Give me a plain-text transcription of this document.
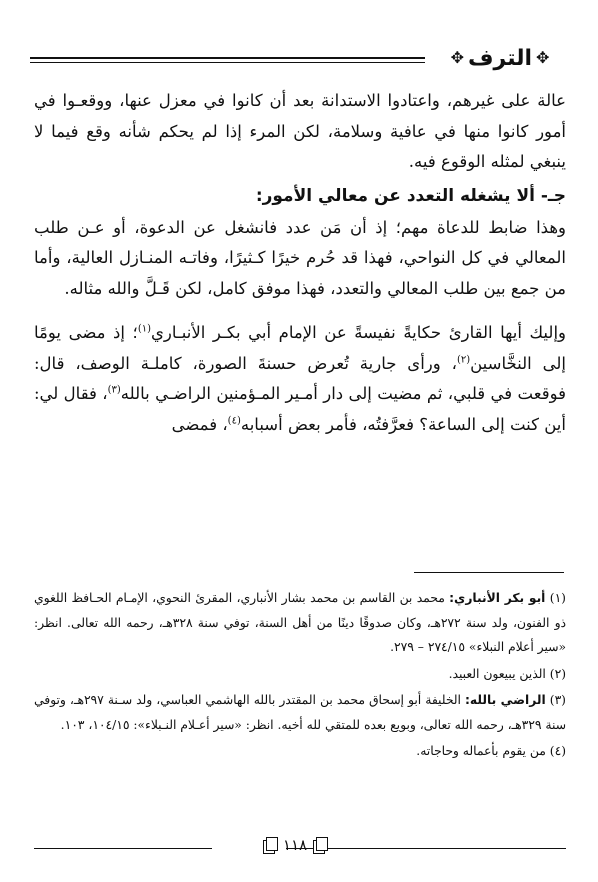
✥
الترف
✥

عالة على غيرهم، واعتادوا الاستدانة بعد أن كانوا في معزل عنها، ووقعـوا في أمور كانوا منها في عافية وسلامة، لكن المرء إذا لم يحكم شأنه وقع فيما لا ينبغي لمثله الوقوع فيه.

جـ- ألا يشغله التعدد عن معالي الأمور:

وهذا ضابط للدعاة مهم؛ إذ أن مَن عدد فانشغل عن الدعوة، أو عـن طلب المعالي في كل النواحي، فهذا قد حُرم خيرًا كـثيرًا، وفاتـه المنـازل العالية، وأما من جمع بين طلب المعالي والتعدد، فهذا موفق كامل، لكن قَـلَّ والله مثاله.

وإليك أيها القارئ حكايةً نفيسةً عن الإمام أبي بكـر الأنبـاري$^{(١)}$؛ إذ مضى يومًا إلى النخَّاسين$^{(٢)}$، ورأى جارية تُعرض حسنةَ الصورة، كاملـة الوصف، قال: فوقعت في قلبي، ثم مضيت إلى دار أمـير المـؤمنين الراضـي بالله$^{(٣)}$، فقال لي: أين كنت إلى الساعة؟ فعرَّفتُه، فأمر بعض أسبابه$^{(٤)}$، فمضى

(١) أبو بكر الأنباري: محمد بن القاسم بن محمد بشار الأنباري، المقرئ النحوي، الإمـام الحـافظ اللغوي ذو الفنون، ولد سنة ٢٧٢هـ، وكان صدوقًا دينًا من أهل السنة، توفي سنة ٣٢٨هـ، رحمه الله تعالى. انظر: «سير أعلام النبلاء» ٢٧٤/١٥ – ٢٧٩.

(٢) الذين يبيعون العبيد.

(٣) الراضي بالله: الخليفة أبو إسحاق محمد بن المقتدر بالله الهاشمي العباسي، ولد سـنة ٢٩٧هـ، وتوفي سنة ٣٢٩هـ، رحمه الله تعالى، وبويع بعده للمتقي لله أخيه. انظر: «سير أعـلام النـبلاء»: ١٠٤/١٥، ١٠٣.

(٤) من يقوم بأعماله وحاجاته.

١١٨
